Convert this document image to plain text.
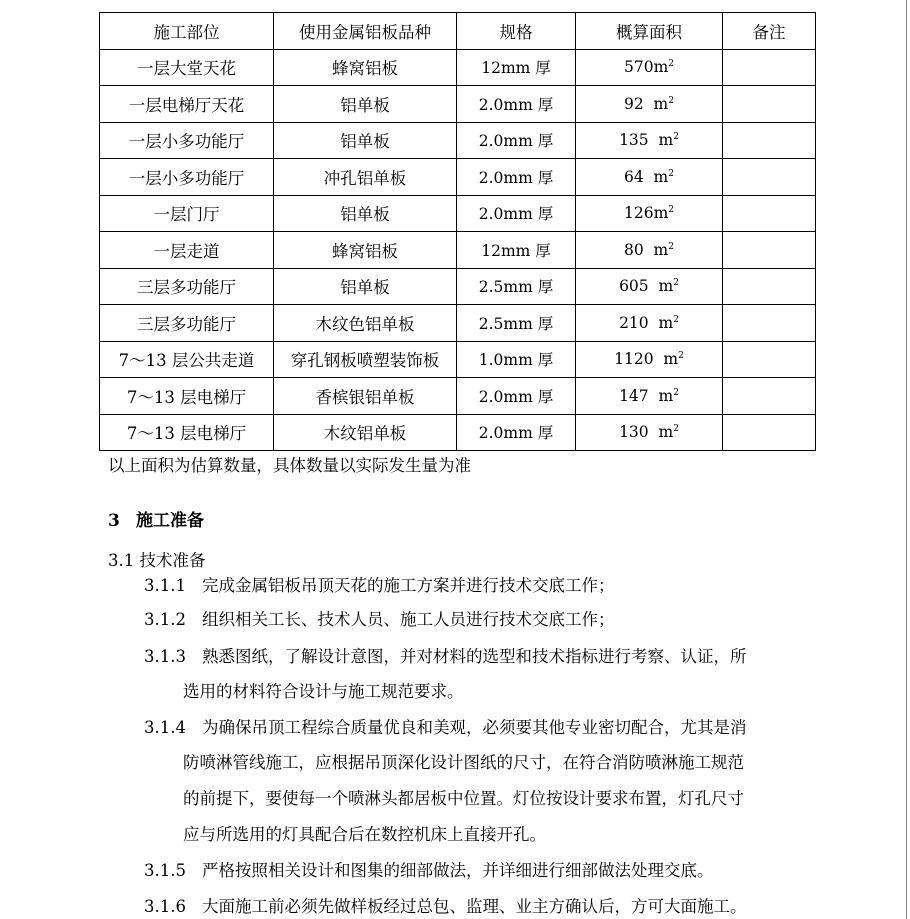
施工部位	使用金属铝板品种	规格	概算面积	备注
一层大堂天花	蜂窝铝板	12mm 厚	$570m^2$	
一层电梯厅天花	铝单板	2.0mm 厚	92  $m^2$	
一层小多功能厅	铝单板	2.0mm 厚	135  $m^2$	
一层小多功能厅	冲孔铝单板	2.0mm 厚	64  $m^2$	
一层门厅	铝单板	2.0mm 厚	$126m^2$	
一层走道	蜂窝铝板	12mm 厚	80  $m^2$	
三层多功能厅	铝单板	2.5mm 厚	605  $m^2$	
三层多功能厅	木纹色铝单板	2.5mm 厚	210  $m^2$	
7～13 层公共走道	穿孔钢板喷塑装饰板	1.0mm 厚	1120  $m^2$	
7～13 层电梯厅	香槟银铝单板	2.0mm 厚	147  $m^2$	
7～13 层电梯厅	木纹铝单板	2.0mm 厚	130  $m^2$	
以上面积为估算数量，具体数量以实际发生量为准
3 施工准备
3.1 技术准备
3.1.1 完成金属铝板吊顶天花的施工方案并进行技术交底工作；
3.1.2 组织相关工长、技术人员、施工人员进行技术交底工作；
3.1.3 熟悉图纸，了解设计意图，并对材料的选型和技术指标进行考察、认证，所
选用的材料符合设计与施工规范要求。
3.1.4 为确保吊顶工程综合质量优良和美观，必须要其他专业密切配合，尤其是消
防喷淋管线施工，应根据吊顶深化设计图纸的尺寸，在符合消防喷淋施工规范
的前提下，要使每一个喷淋头都居板中位置。灯位按设计要求布置，灯孔尺寸
应与所选用的灯具配合后在数控机床上直接开孔。
3.1.5 严格按照相关设计和图集的细部做法，并详细进行细部做法处理交底。
3.1.6 大面施工前必须先做样板经过总包、监理、业主方确认后，方可大面施工。
